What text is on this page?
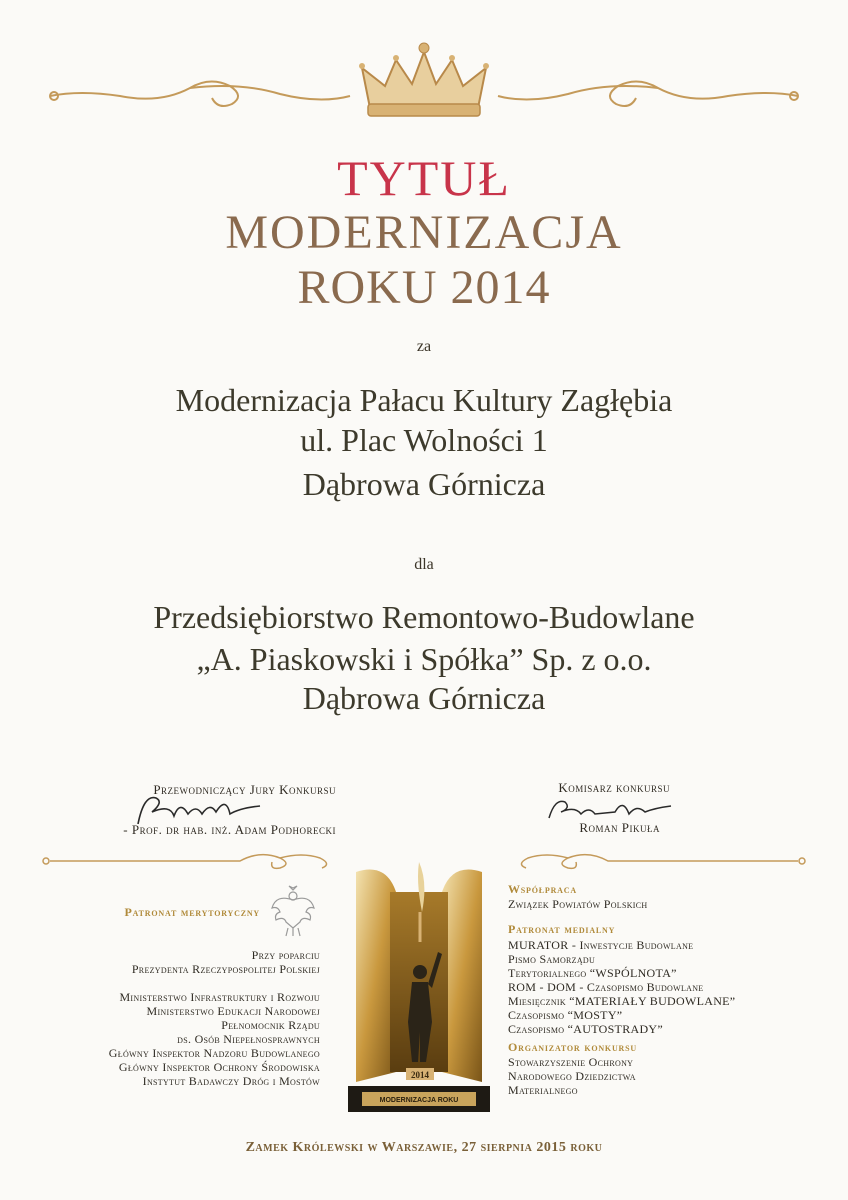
TYTUŁ
MODERNIZACJA
ROKU 2014
za
Modernizacja Pałacu Kultury Zagłębia
ul. Plac Wolności 1
Dąbrowa Górnicza
dla
Przedsiębiorstwo Remontowo-Budowlane
„A. Piaskowski i Spółka” Sp. z o.o.
Dąbrowa Górnicza
Przewodniczący Jury Konkursu
- Prof. dr hab. inż. Adam Podhorecki
Komisarz konkursu
Roman Pikuła
Patronat merytoryczny
Przy poparciu
Prezydenta Rzeczypospolitej Polskiej
Ministerstwo Infrastruktury i Rozwoju
Ministerstwo Edukacji Narodowej
Pełnomocnik Rządu
ds. Osób Niepełnosprawnych
Główny Inspektor Nadzoru Budowlanego
Główny Inspektor Ochrony Środowiska
Instytut Badawczy Dróg i Mostów	2014
MODERNIZACJA ROKU
Współpraca
Związek Powiatów Polskich
Patronat medialny
MURATOR - Inwestycje Budowlane
Pismo Samorządu
Terytorialnego “WSPÓLNOTA”
ROM - DOM - Czasopismo Budowlane
Miesięcznik “MATERIAŁY BUDOWLANE”
Czasopismo “MOSTY”
Czasopismo “AUTOSTRADY”
Organizator konkursu
Stowarzyszenie Ochrony
Narodowego Dziedzictwa
Materialnego
Zamek Królewski w Warszawie, 27 sierpnia 2015 roku
